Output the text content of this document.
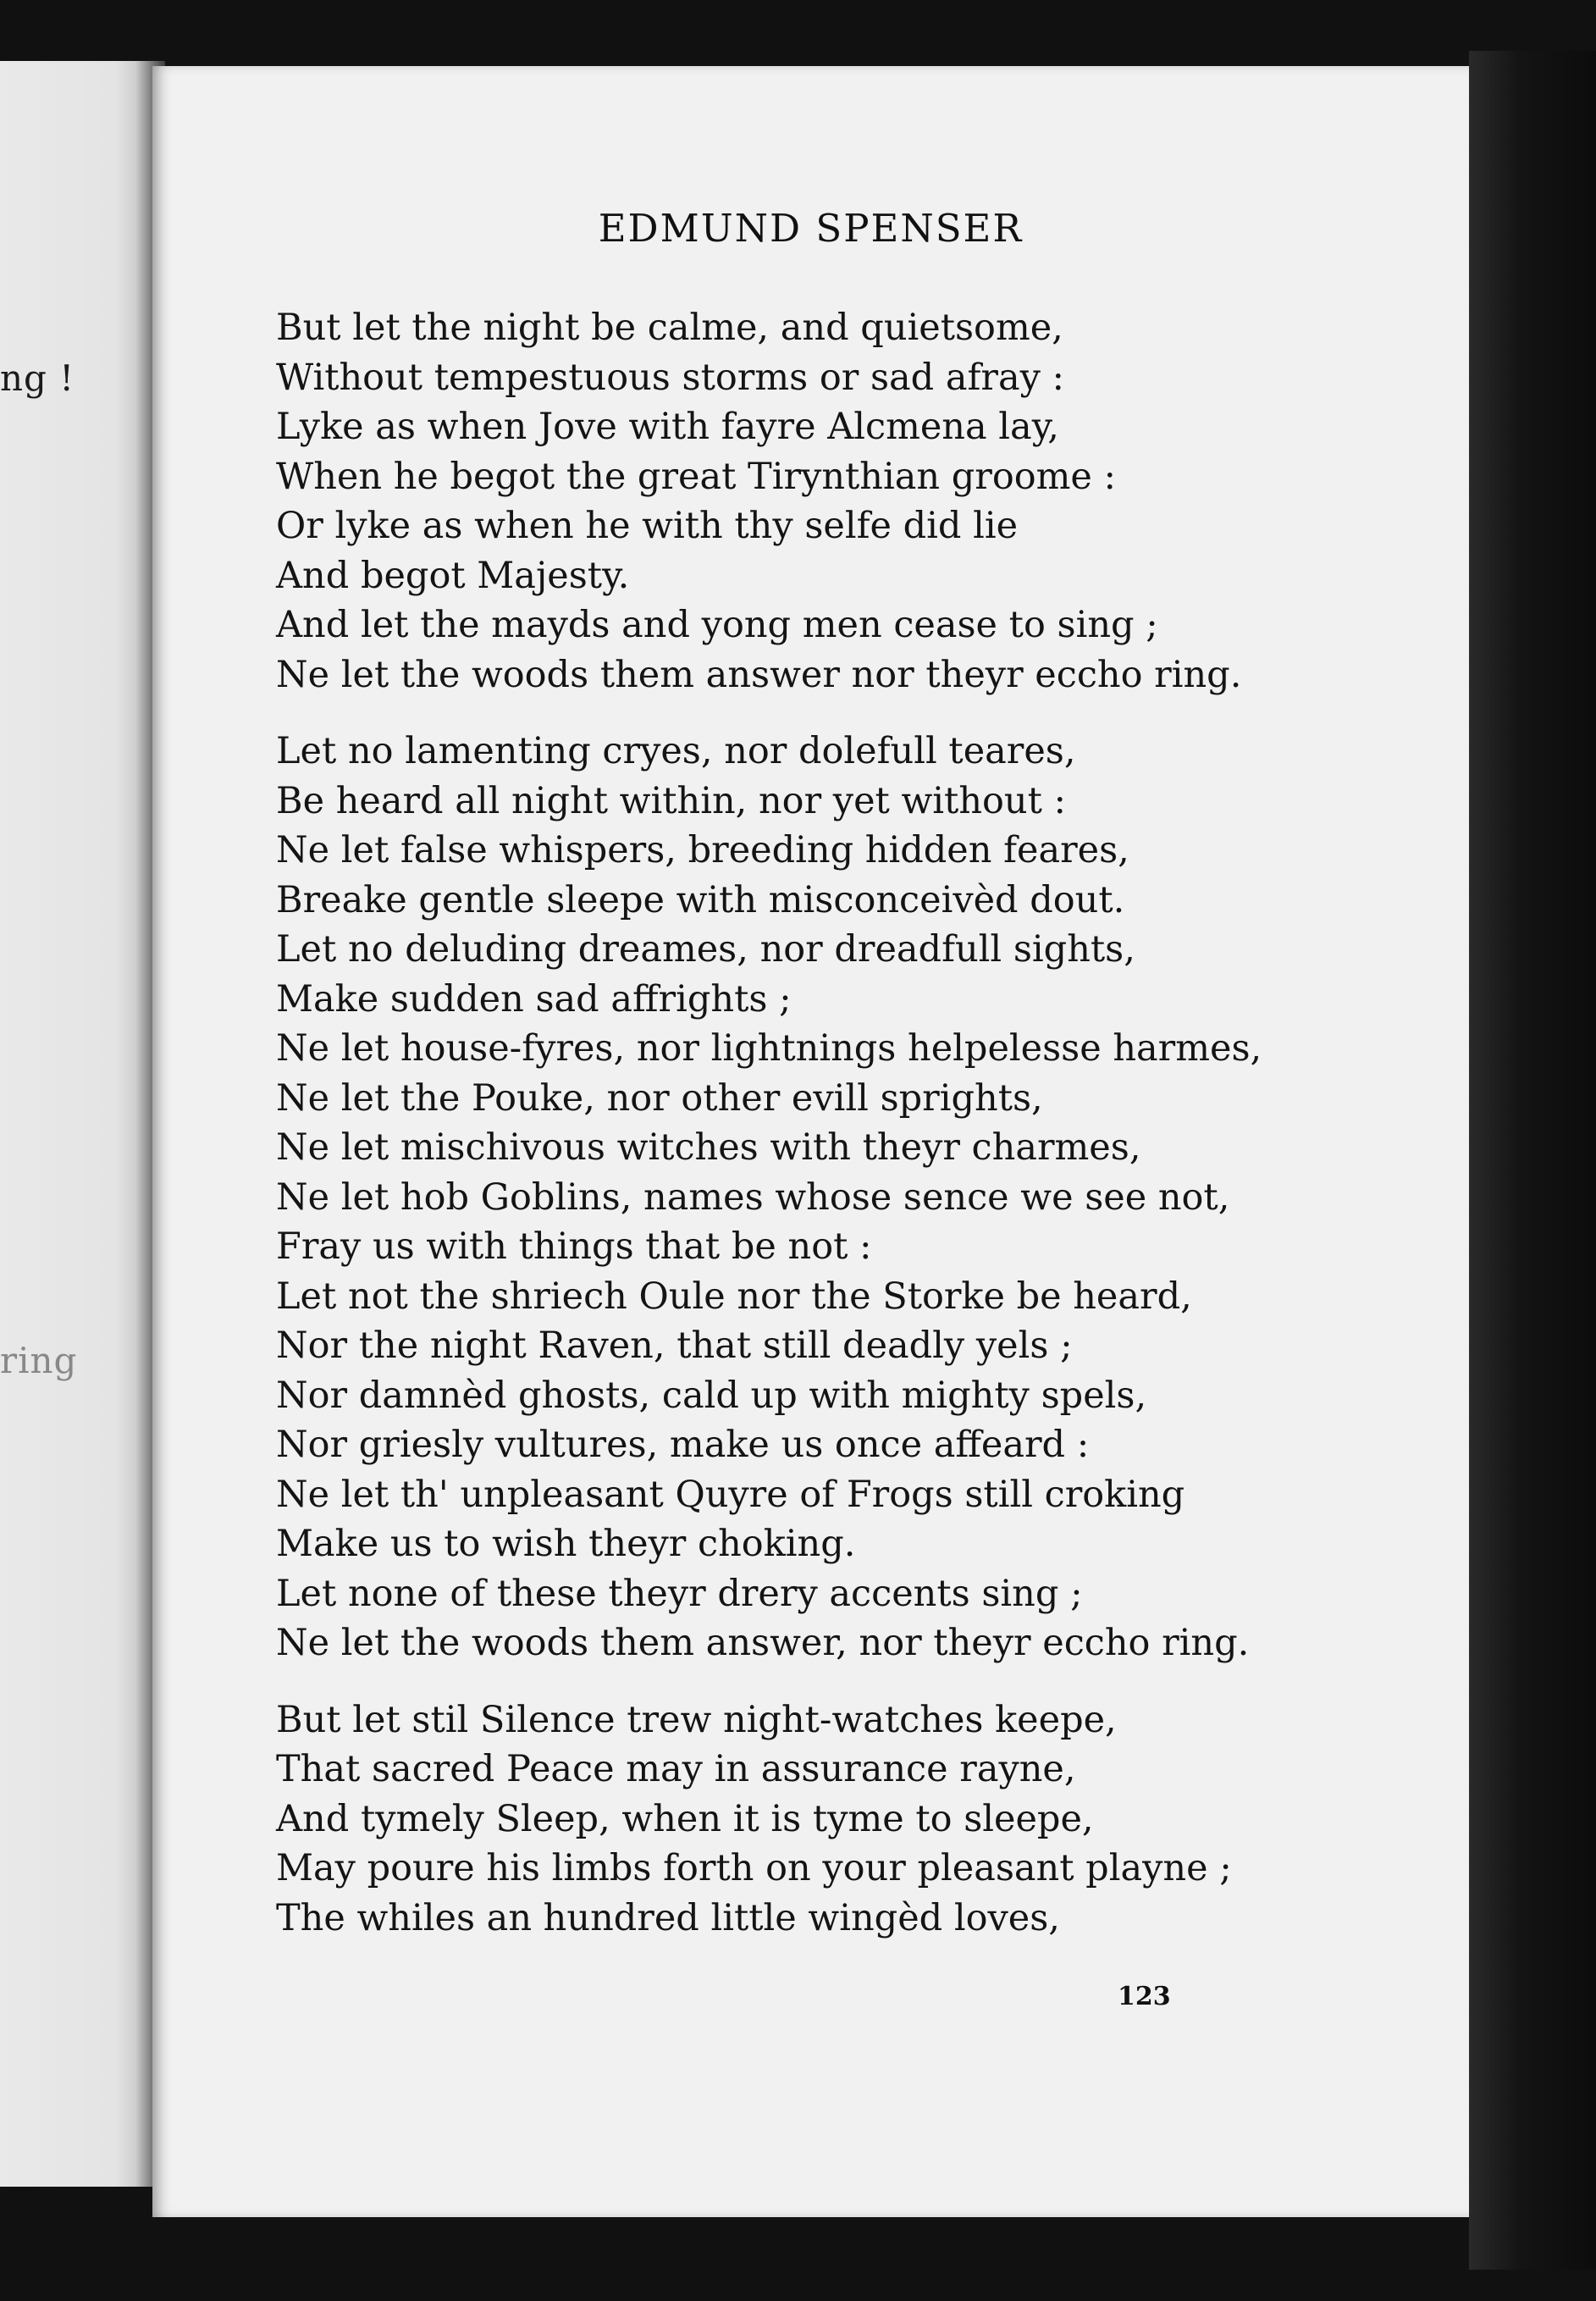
ng !
ring
EDMUND SPENSER
But let the night be calme, and quietsome,
Without tempestuous storms or sad afray :
Lyke as when Jove with fayre Alcmena lay,
When he begot the great Tirynthian groome :
Or lyke as when he with thy selfe did lie
And begot Majesty.
And let the mayds and yong men cease to sing ;
Ne let the woods them answer nor theyr eccho ring.
Let no lamenting cryes, nor dolefull teares,
Be heard all night within, nor yet without :
Ne let false whispers, breeding hidden feares,
Breake gentle sleepe with misconceivèd dout.
Let no deluding dreames, nor dreadfull sights,
Make sudden sad affrights ;
Ne let house-fyres, nor lightnings helpelesse harmes,
Ne let the Pouke, nor other evill sprights,
Ne let mischivous witches with theyr charmes,
Ne let hob Goblins, names whose sence we see not,
Fray us with things that be not :
Let not the shriech Oule nor the Storke be heard,
Nor the night Raven, that still deadly yels ;
Nor damnèd ghosts, cald up with mighty spels,
Nor griesly vultures, make us once affeard :
Ne let th' unpleasant Quyre of Frogs still croking
Make us to wish theyr choking.
Let none of these theyr drery accents sing ;
Ne let the woods them answer, nor theyr eccho ring.
But let stil Silence trew night-watches keepe,
That sacred Peace may in assurance rayne,
And tymely Sleep, when it is tyme to sleepe,
May poure his limbs forth on your pleasant playne ;
The whiles an hundred little wingèd loves,
123
